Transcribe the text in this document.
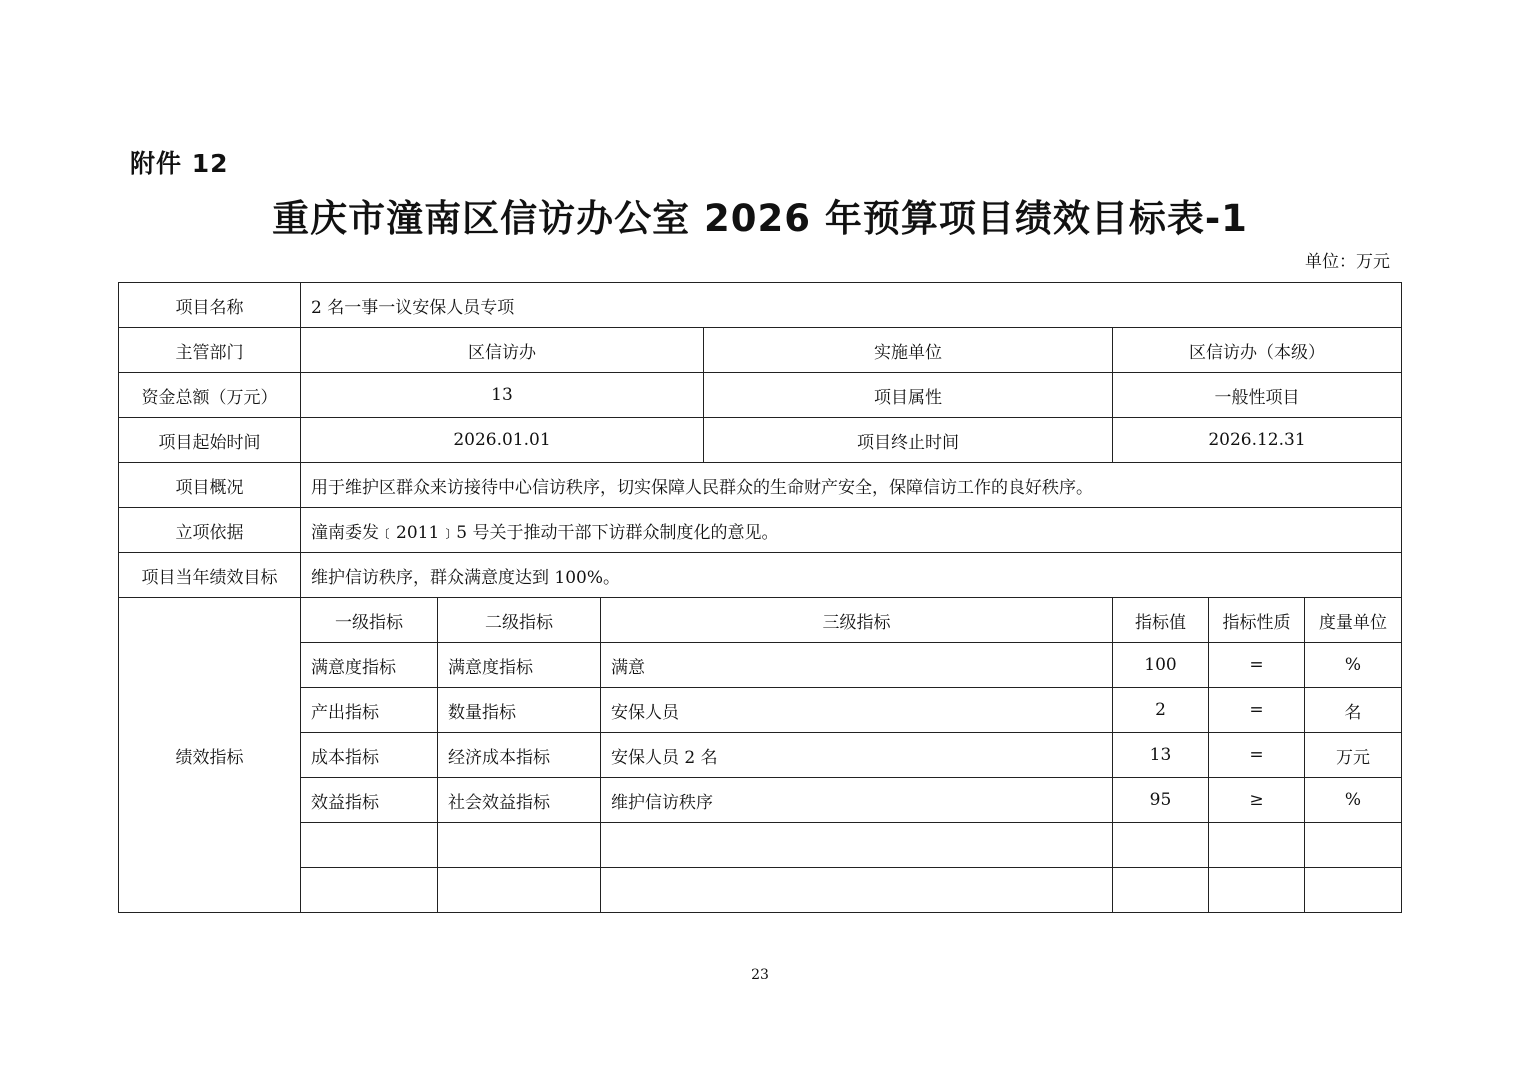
附件 12
重庆市潼南区信访办公室 2026 年预算项目绩效目标表-1
单位：万元
项目名称	2 名一事一议安保人员专项						
主管部门	区信访办			实施单位	区信访办（本级）		
资金总额（万元）	13			项目属性	一般性项目		
项目起始时间	2026.01.01			项目终止时间	2026.12.31		
项目概况	用于维护区群众来访接待中心信访秩序，切实保障人民群众的生命财产安全，保障信访工作的良好秩序。						
立项依据	潼南委发﹝2011﹞5 号关于推动干部下访群众制度化的意见。						
项目当年绩效目标	维护信访秩序，群众满意度达到 100%。						
绩效指标	一级指标	二级指标	三级指标		指标值	指标性质	度量单位
	满意度指标	满意度指标	满意		100	=	%
	产出指标	数量指标	安保人员		2	=	名
	成本指标	经济成本指标	安保人员 2 名		13	=	万元
	效益指标	社会效益指标	维护信访秩序		95	≥	%

23
